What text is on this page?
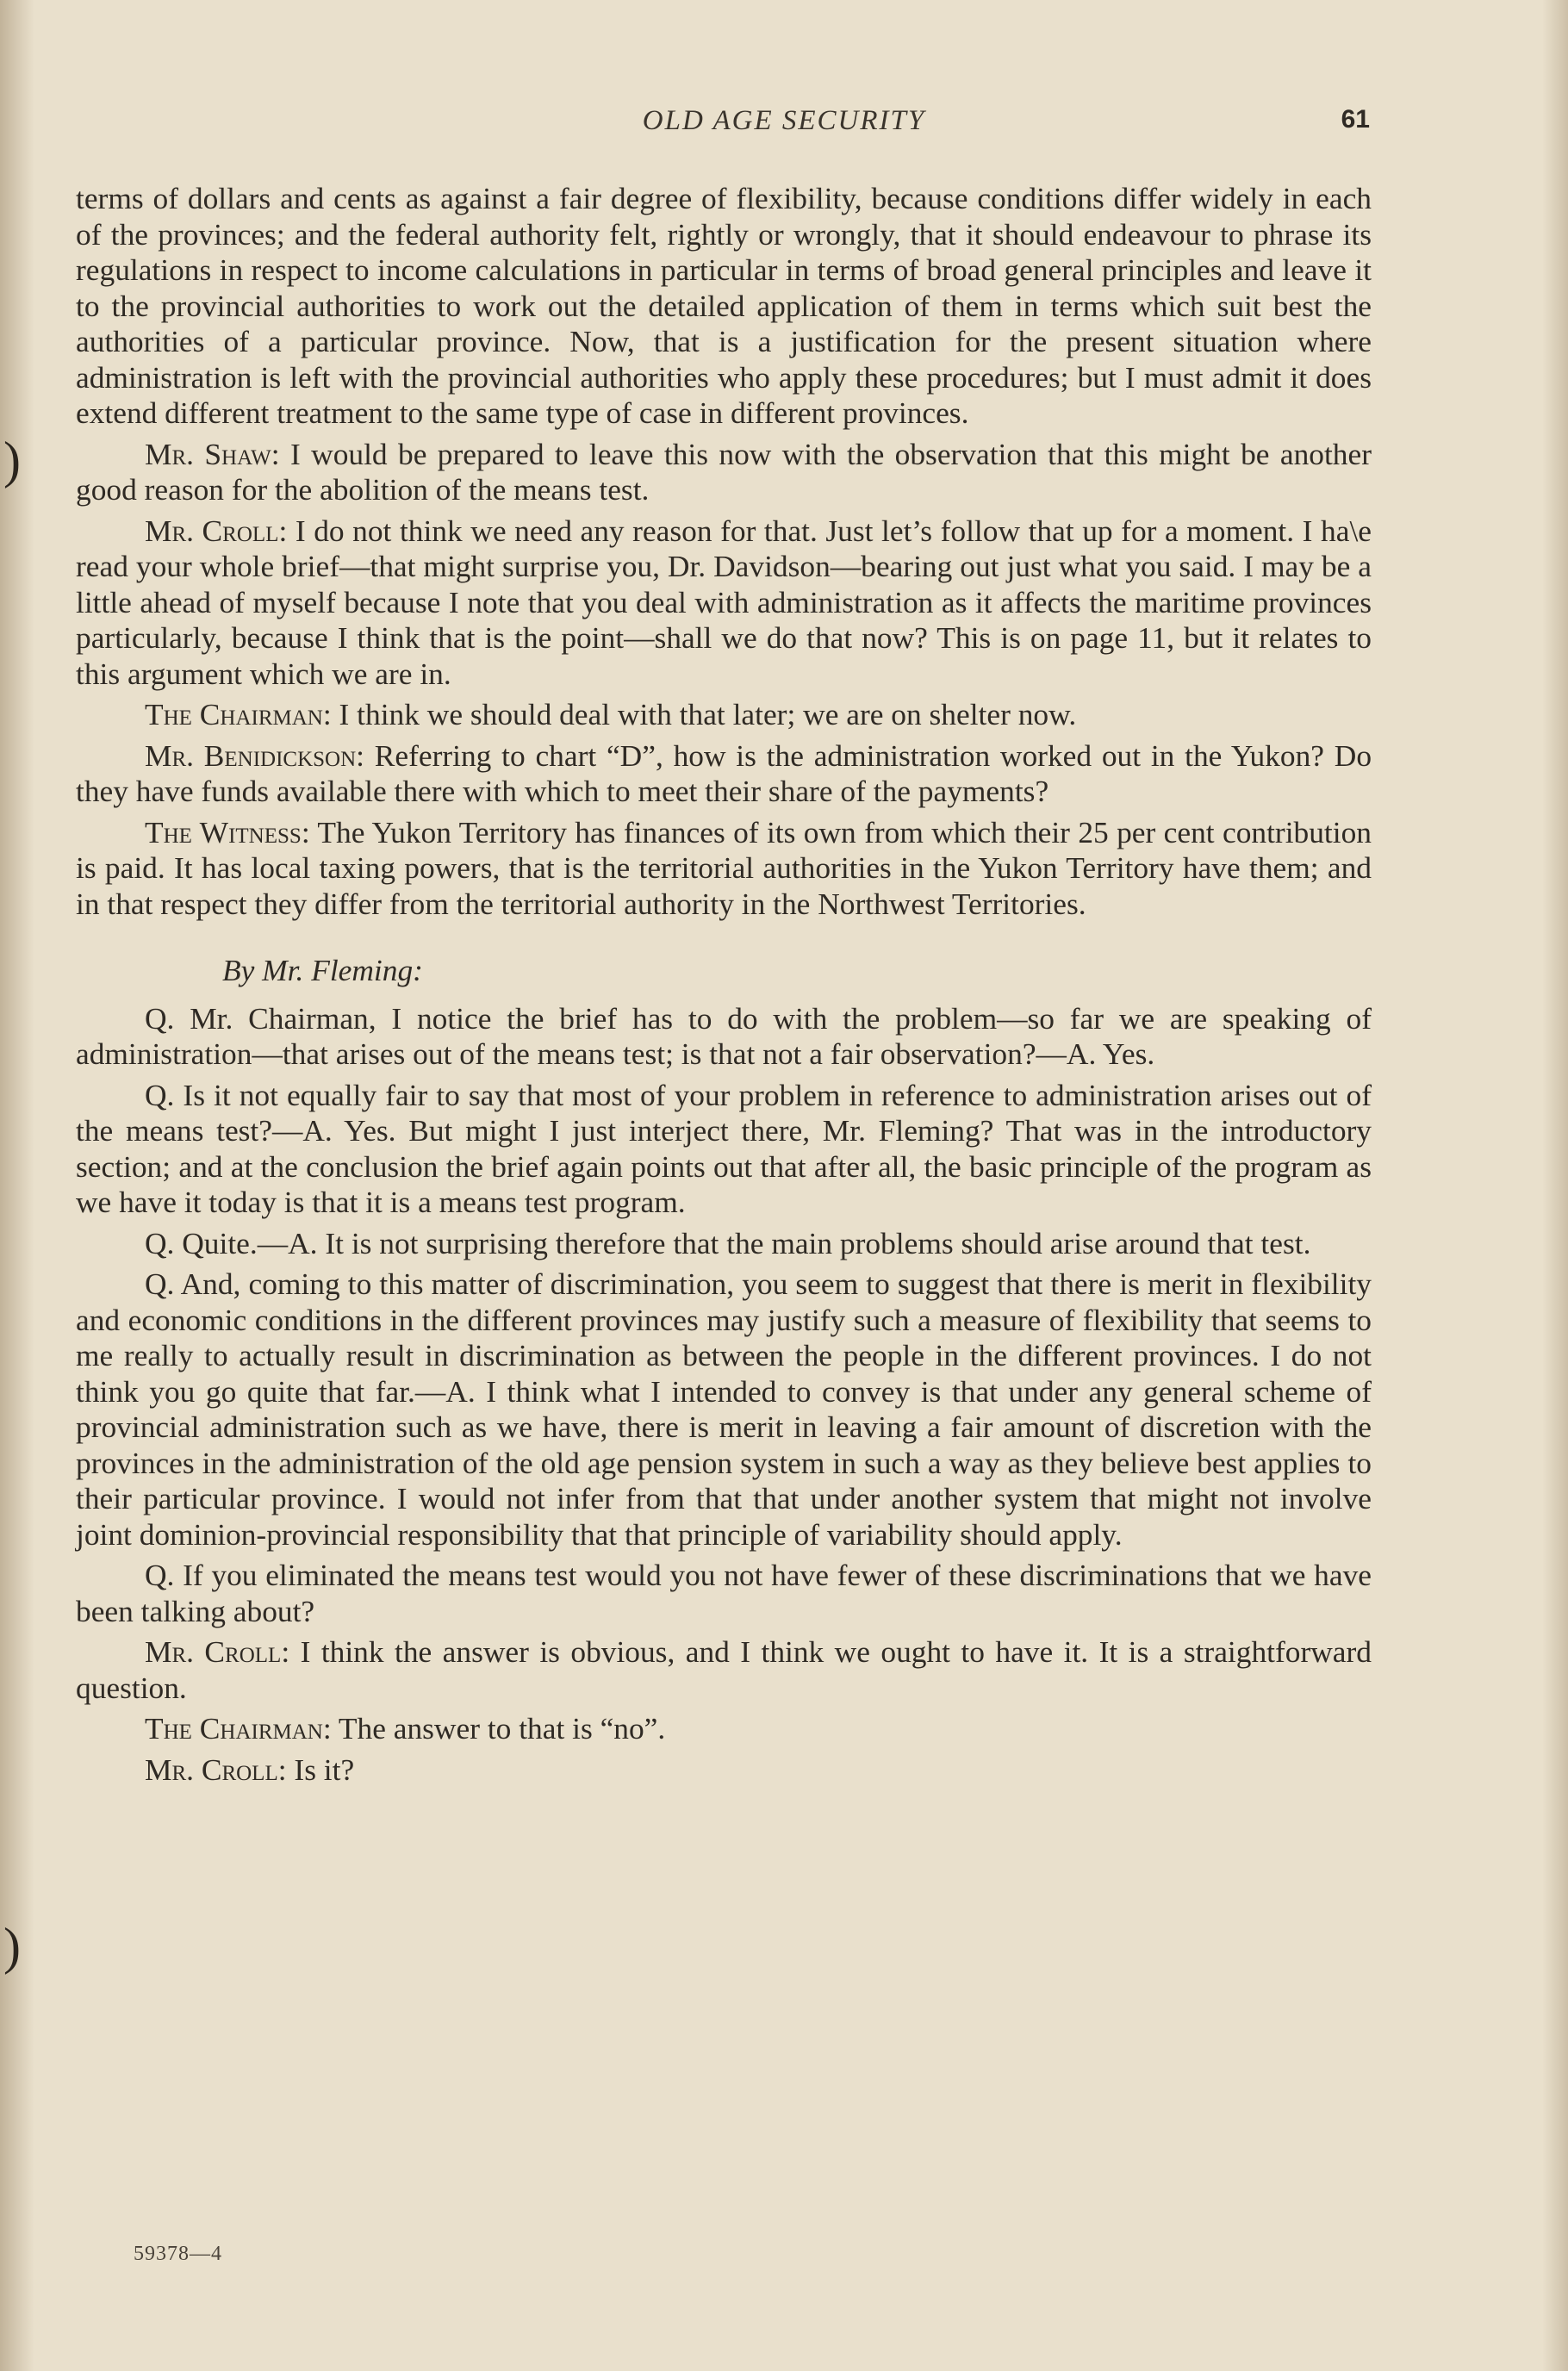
OLD AGE SECURITY	61
)
)

terms of dollars and cents as against a fair degree of flexibility, because conditions differ widely in each of the provinces; and the federal authority felt, rightly or wrongly, that it should endeavour to phrase its regulations in respect to income calculations in particular in terms of broad general principles and leave it to the provincial authorities to work out the detailed application of them in terms which suit best the authorities of a particular province. Now, that is a justification for the present situation where administration is left with the provincial authorities who apply these procedures; but I must admit it does extend different treatment to the same type of case in different provinces.

Mr. Shaw: I would be prepared to leave this now with the observation that this might be another good reason for the abolition of the means test.

Mr. Croll: I do not think we need any reason for that. Just let’s follow that up for a moment. I ha\e read your whole brief—that might surprise you, Dr. Davidson—bearing out just what you said. I may be a little ahead of myself because I note that you deal with administration as it affects the maritime provinces particularly, because I think that is the point—shall we do that now? This is on page 11, but it relates to this argument which we are in.

The Chairman: I think we should deal with that later; we are on shelter now.

Mr. Benidickson: Referring to chart “D”, how is the administration worked out in the Yukon? Do they have funds available there with which to meet their share of the payments?

The Witness: The Yukon Territory has finances of its own from which their 25 per cent contribution is paid. It has local taxing powers, that is the territorial authorities in the Yukon Territory have them; and in that respect they differ from the territorial authority in the Northwest Territories.

By Mr. Fleming:

Q. Mr. Chairman, I notice the brief has to do with the problem—so far we are speaking of administration—that arises out of the means test; is that not a fair observation?—A. Yes.

Q. Is it not equally fair to say that most of your problem in reference to administration arises out of the means test?—A. Yes. But might I just interject there, Mr. Fleming? That was in the introductory section; and at the conclusion the brief again points out that after all, the basic principle of the program as we have it today is that it is a means test program.

Q. Quite.—A. It is not surprising therefore that the main problems should arise around that test.

Q. And, coming to this matter of discrimination, you seem to suggest that there is merit in flexibility and economic conditions in the different provinces may justify such a measure of flexibility that seems to me really to actually result in discrimination as between the people in the different provinces. I do not think you go quite that far.—A. I think what I intended to convey is that under any general scheme of provincial administration such as we have, there is merit in leaving a fair amount of discretion with the provinces in the administration of the old age pension system in such a way as they believe best applies to their particular province. I would not infer from that that under another system that might not involve joint dominion-provincial responsibility that that principle of variability should apply.

Q. If you eliminated the means test would you not have fewer of these discriminations that we have been talking about?

Mr. Croll: I think the answer is obvious, and I think we ought to have it. It is a straightforward question.

The Chairman: The answer to that is “no”.

Mr. Croll: Is it?

59378—4
